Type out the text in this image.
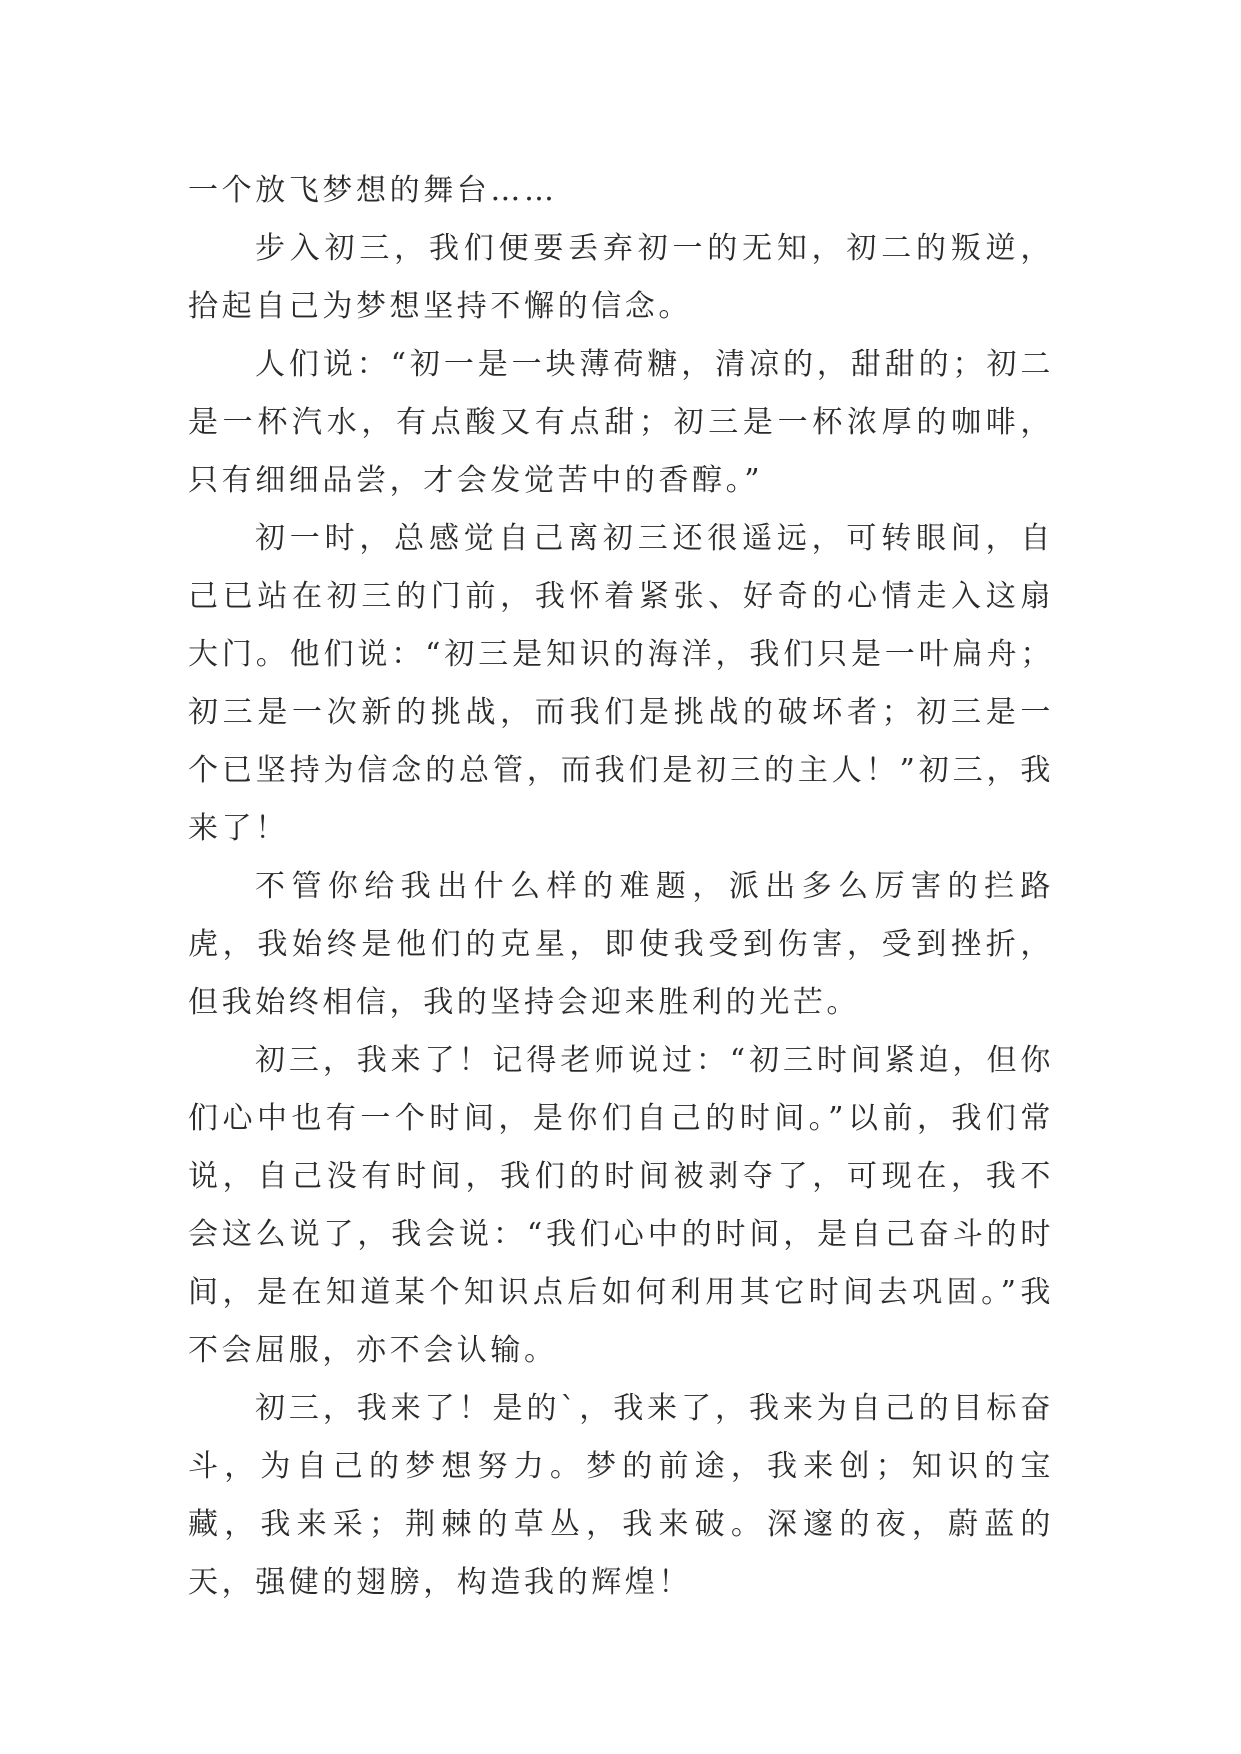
一个放飞梦想的舞台……

步入初三，我们便要丢弃初一的无知，初二的叛逆，拾起自己为梦想坚持不懈的信念。

人们说：“初一是一块薄荷糖，清凉的，甜甜的；初二是一杯汽水，有点酸又有点甜；初三是一杯浓厚的咖啡，只有细细品尝，才会发觉苦中的香醇。”

初一时，总感觉自己离初三还很遥远，可转眼间，自己已站在初三的门前，我怀着紧张、好奇的心情走入这扇大门。他们说：“初三是知识的海洋，我们只是一叶扁舟；初三是一次新的挑战，而我们是挑战的破坏者；初三是一个已坚持为信念的总管，而我们是初三的主人！”初三，我来了！

不管你给我出什么样的难题，派出多么厉害的拦路虎，我始终是他们的克星，即使我受到伤害，受到挫折，但我始终相信，我的坚持会迎来胜利的光芒。

初三，我来了！记得老师说过：“初三时间紧迫，但你们心中也有一个时间，是你们自己的时间。”以前，我们常说，自己没有时间，我们的时间被剥夺了，可现在，我不会这么说了，我会说：“我们心中的时间，是自己奋斗的时间，是在知道某个知识点后如何利用其它时间去巩固。”我不会屈服，亦不会认输。

初三，我来了！是的`，我来了，我来为自己的目标奋斗，为自己的梦想努力。梦的前途，我来创；知识的宝藏，我来采；荆棘的草丛，我来破。深邃的夜，蔚蓝的天，强健的翅膀，构造我的辉煌！
